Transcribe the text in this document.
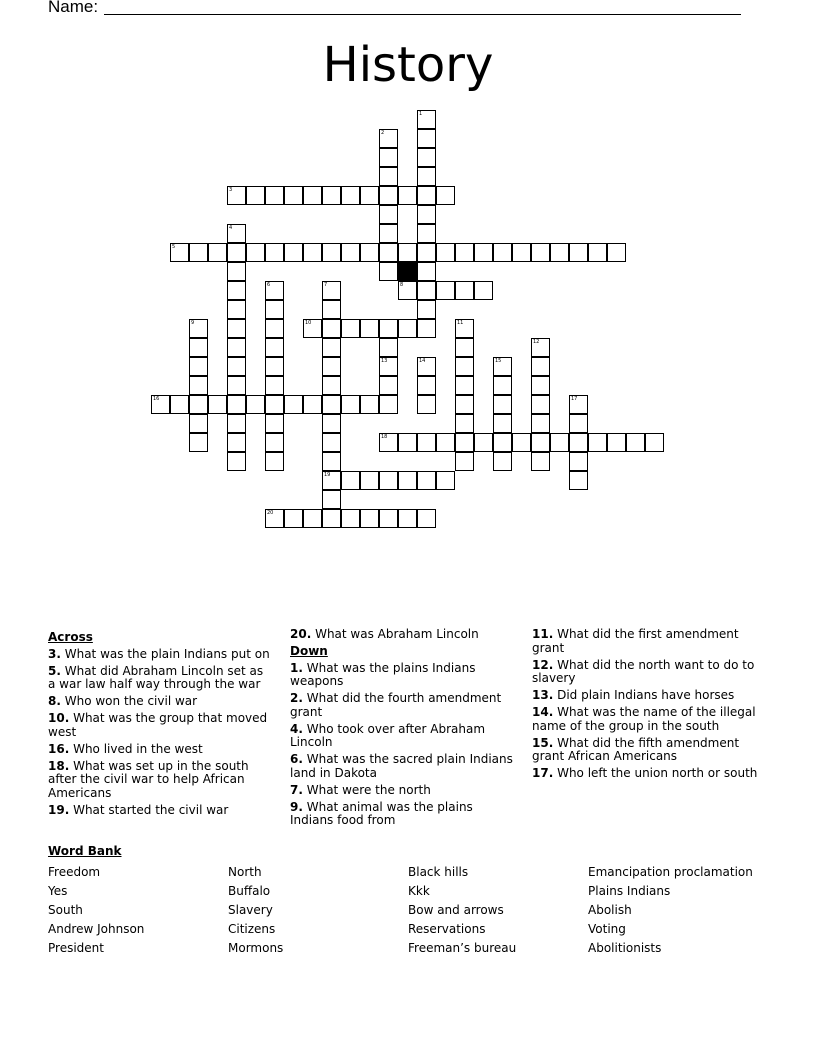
Name:
History
1
2
3
4
5
6	7
19
8
9	10	11
12
13	14	15
16	17
18
20
Across
3. What was the plain Indians put on
5. What did Abraham Lincoln set as a war law half way through the war
8. Who won the civil war
10. What was the group that moved west
16. Who lived in the west
18. What was set up in the south after the civil war to help African Americans
19. What started the civil war
20. What was Abraham Lincoln
Down
1. What was the plains Indians weapons
2. What did the fourth amendment grant
4. Who took over after Abraham Lincoln
6. What was the sacred plain Indians land in Dakota
7. What were the north
9. What animal was the plains Indians food from
11. What did the first amendment grant
12. What did the north want to do to slavery
13. Did plain Indians have horses
14. What was the name of the illegal name of the group in the south
15. What did the fifth amendment grant African Americans
17. Who left the union north or south
Word Bank
Freedom
Yes
South
Andrew Johnson
President
North
Buffalo
Slavery
Citizens
Mormons
Black hills
Kkk
Bow and arrows
Reservations
Freeman’s bureau
Emancipation proclamation
Plains Indians
Abolish
Voting
Abolitionists
